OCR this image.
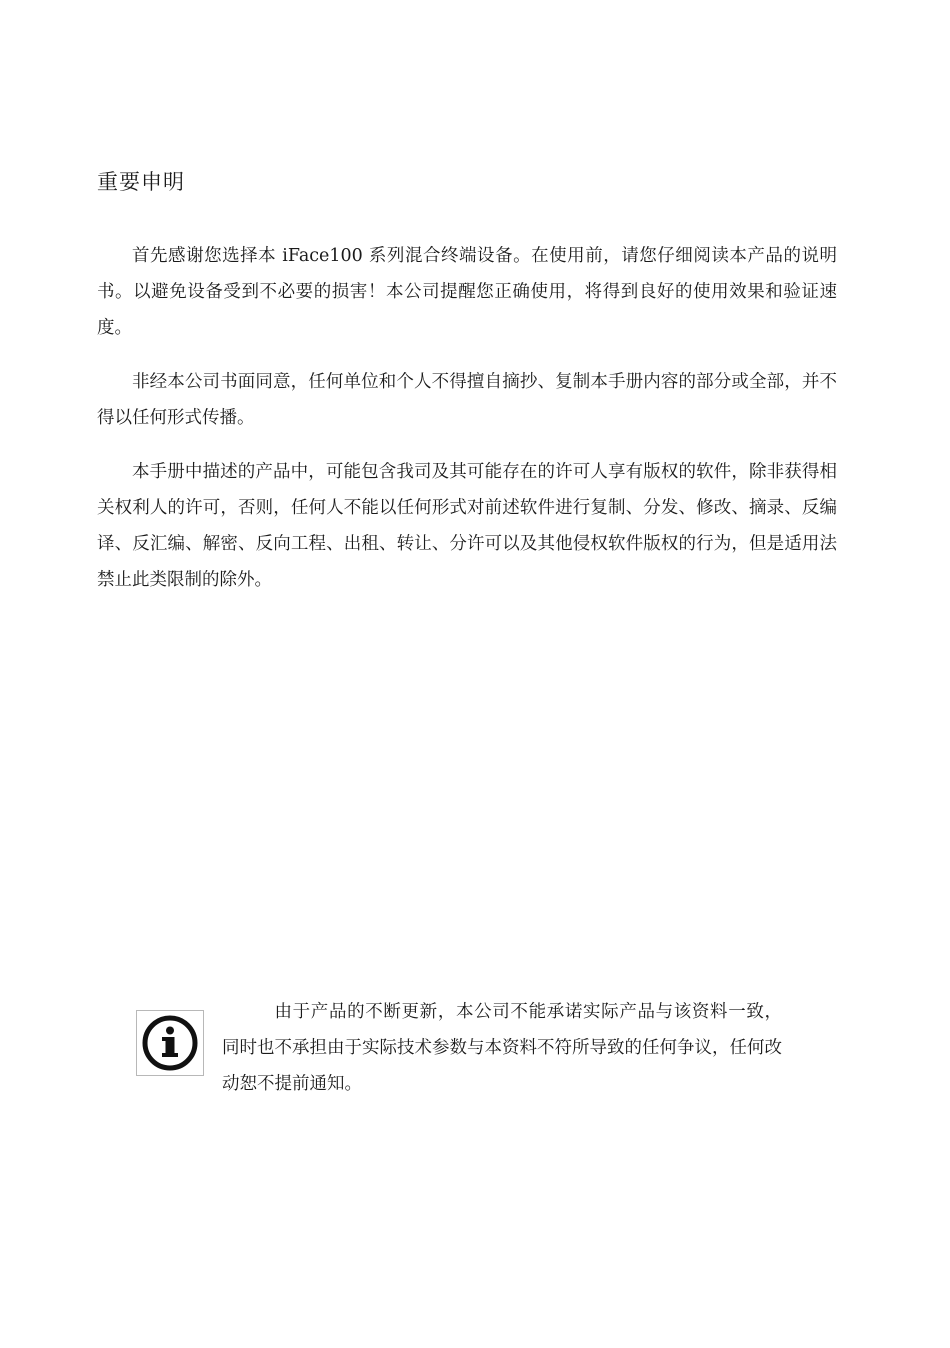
重要申明

首先感谢您选择本 iFace100 系列混合终端设备。在使用前，请您仔细阅读本产品的说明书。以避免设备受到不必要的损害！本公司提醒您正确使用，将得到良好的使用效果和验证速度。

非经本公司书面同意，任何单位和个人不得擅自摘抄、复制本手册内容的部分或全部，并不得以任何形式传播。

本手册中描述的产品中，可能包含我司及其可能存在的许可人享有版权的软件，除非获得相关权利人的许可，否则，任何人不能以任何形式对前述软件进行复制、分发、修改、摘录、反编译、反汇编、解密、反向工程、出租、转让、分许可以及其他侵权软件版权的行为，但是适用法禁止此类限制的除外。

由于产品的不断更新，本公司不能承诺实际产品与该资料一致， 同时也不承担由于实际技术参数与本资料不符所导致的任何争议，任何改动恕不提前通知。
